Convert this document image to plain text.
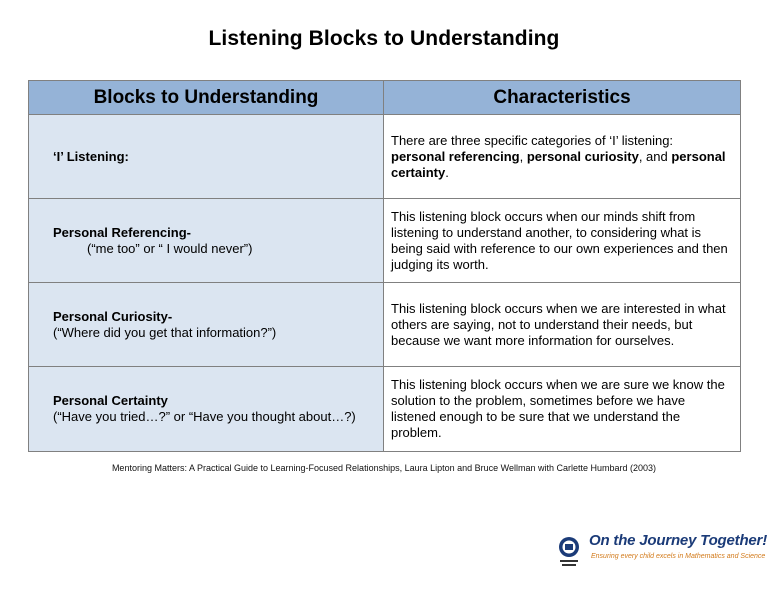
Listening Blocks to Understanding
Blocks to Understanding	Characteristics

‘I’ Listening:	There are three specific categories of ‘I’ listening: personal referencing, personal curiosity, and personal certainty.

Personal Referencing-
(“me too” or “ I would never”)	This listening block occurs when our minds shift from listening to understand another, to considering what is being said with reference to our own experiences and then judging its worth.

Personal Curiosity-
(“Where did you get that information?”)	This listening block occurs when we are interested in what others are saying, not to understand their needs, but because we want more information for ourselves.

Personal Certainty
(“Have you tried…?” or “Have you thought about…?)	This listening block occurs when we are sure we know the solution to the problem, sometimes before we have listened enough to be sure that we understand the problem.
Mentoring Matters: A Practical Guide to Learning-Focused Relationships, Laura Lipton and Bruce Wellman with Carlette Humbard (2003)
On the Journey Together!
Ensuring every child excels in Mathematics and Science
